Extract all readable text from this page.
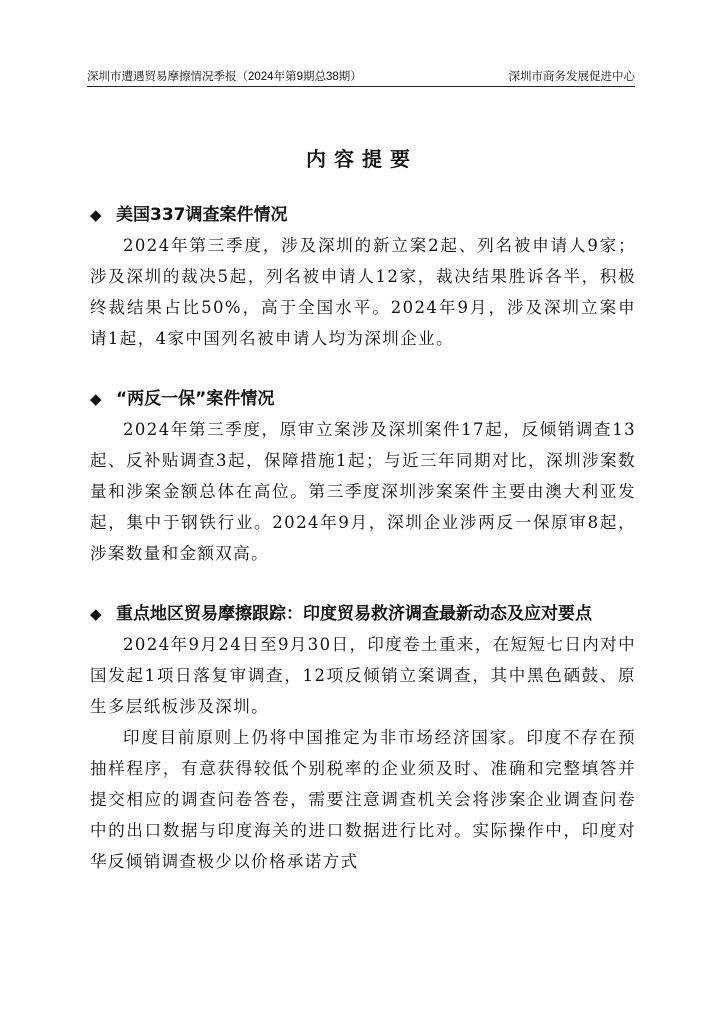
深圳市遭遇贸易摩擦情况季报（2024年第9期总38期）	深圳市商务发展促进中心
内容提要
◆ 美国337调查案件情况

2024年第三季度，涉及深圳的新立案2起、列名被申请人9家；涉及深圳的裁决5起，列名被申请人12家，裁决结果胜诉各半，积极终裁结果占比50%，高于全国水平。2024年9月，涉及深圳立案申请1起，4家中国列名被申请人均为深圳企业。

◆ “两反一保”案件情况

2024年第三季度，原审立案涉及深圳案件17起，反倾销调查13起、反补贴调查3起，保障措施1起；与近三年同期对比，深圳涉案数量和涉案金额总体在高位。第三季度深圳涉案案件主要由澳大利亚发起，集中于钢铁行业。2024年9月，深圳企业涉两反一保原审8起，涉案数量和金额双高。

◆ 重点地区贸易摩擦跟踪：印度贸易救济调查最新动态及应对要点

2024年9月24日至9月30日，印度卷土重来，在短短七日内对中国发起1项日落复审调查，12项反倾销立案调查，其中黑色硒鼓、原生多层纸板涉及深圳。

印度目前原则上仍将中国推定为非市场经济国家。印度不存在预抽样程序，有意获得较低个别税率的企业须及时、准确和完整填答并提交相应的调查问卷答卷，需要注意调查机关会将涉案企业调查问卷中的出口数据与印度海关的进口数据进行比对。实际操作中，印度对华反倾销调查极少以价格承诺方式
